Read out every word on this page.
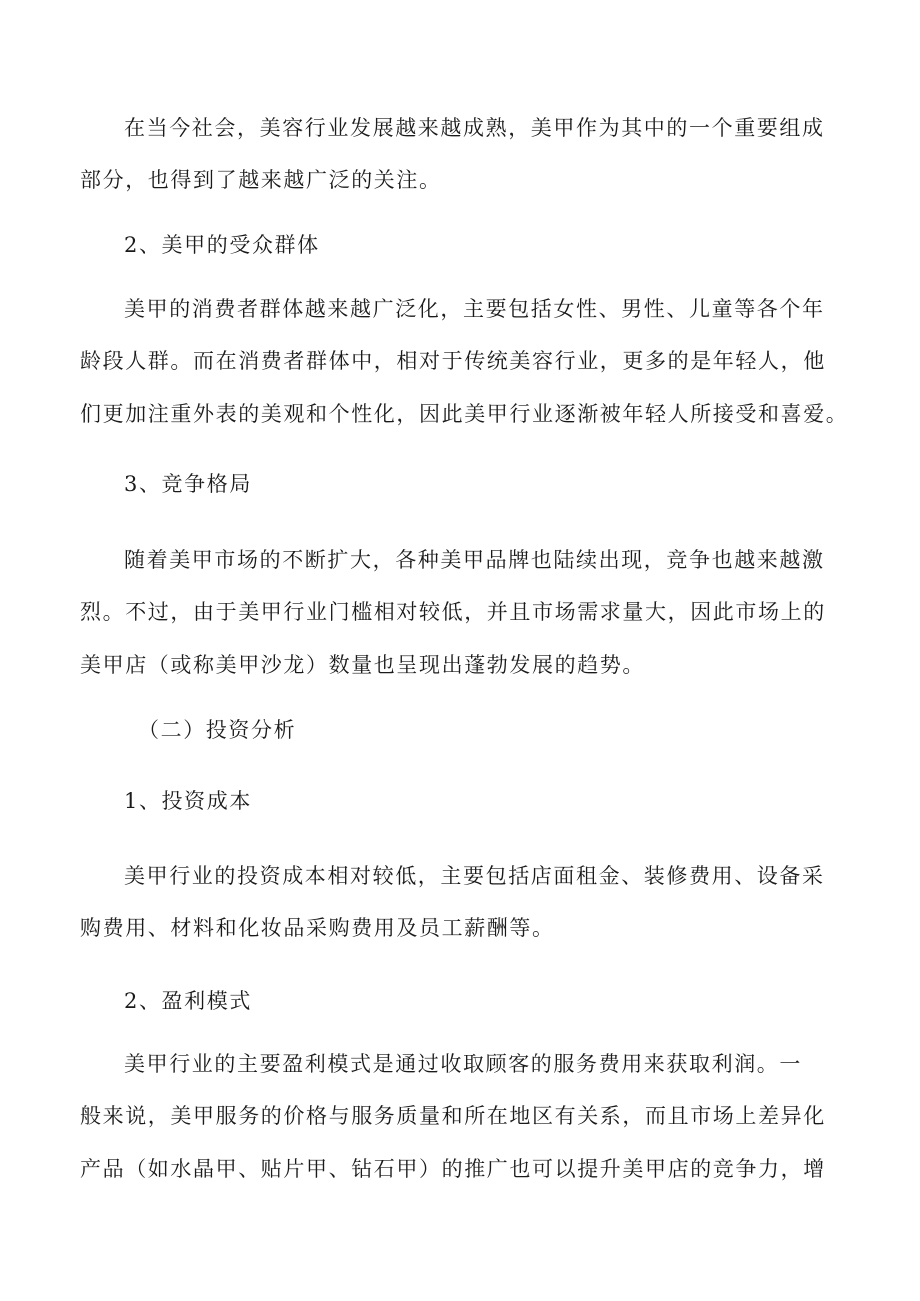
在当今社会，美容行业发展越来越成熟，美甲作为其中的一个重要组成
部分，也得到了越来越广泛的关注。
2、美甲的受众群体
美甲的消费者群体越来越广泛化，主要包括女性、男性、儿童等各个年
龄段人群。而在消费者群体中，相对于传统美容行业，更多的是年轻人，他
们更加注重外表的美观和个性化，因此美甲行业逐渐被年轻人所接受和喜爱。
3、竞争格局
随着美甲市场的不断扩大，各种美甲品牌也陆续出现，竞争也越来越激
烈。不过，由于美甲行业门槛相对较低，并且市场需求量大，因此市场上的
美甲店（或称美甲沙龙）数量也呈现出蓬勃发展的趋势。
（二）投资分析
1、投资成本
美甲行业的投资成本相对较低，主要包括店面租金、装修费用、设备采
购费用、材料和化妆品采购费用及员工薪酬等。
2、盈利模式
美甲行业的主要盈利模式是通过收取顾客的服务费用来获取利润。一
般来说，美甲服务的价格与服务质量和所在地区有关系，而且市场上差异化
产品（如水晶甲、贴片甲、钻石甲）的推广也可以提升美甲店的竞争力，增
